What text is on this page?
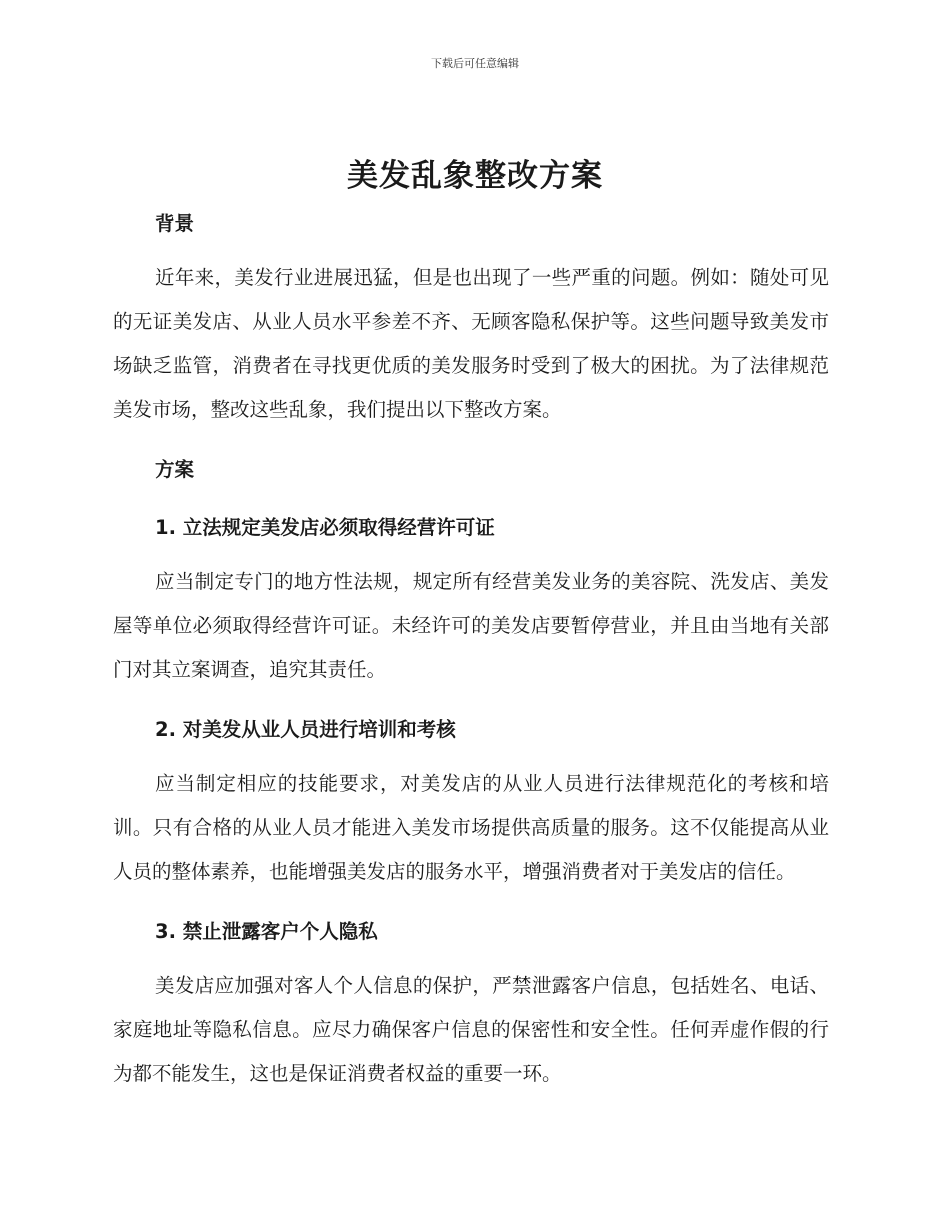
下载后可任意编辑
美发乱象整改方案
背景

近年来，美发行业进展迅猛，但是也出现了一些严重的问题。例如：随处可见的无证美发店、从业人员水平参差不齐、无顾客隐私保护等。这些问题导致美发市场缺乏监管，消费者在寻找更优质的美发服务时受到了极大的困扰。为了法律规范美发市场，整改这些乱象，我们提出以下整改方案。

方案
1. 立法规定美发店必须取得经营许可证

应当制定专门的地方性法规，规定所有经营美发业务的美容院、洗发店、美发屋等单位必须取得经营许可证。未经许可的美发店要暂停营业，并且由当地有关部门对其立案调查，追究其责任。

2. 对美发从业人员进行培训和考核

应当制定相应的技能要求，对美发店的从业人员进行法律规范化的考核和培训。只有合格的从业人员才能进入美发市场提供高质量的服务。这不仅能提高从业人员的整体素养，也能增强美发店的服务水平，增强消费者对于美发店的信任。

3. 禁止泄露客户个人隐私

美发店应加强对客人个人信息的保护，严禁泄露客户信息，包括姓名、电话、家庭地址等隐私信息。应尽力确保客户信息的保密性和安全性。任何弄虚作假的行为都不能发生，这也是保证消费者权益的重要一环。
